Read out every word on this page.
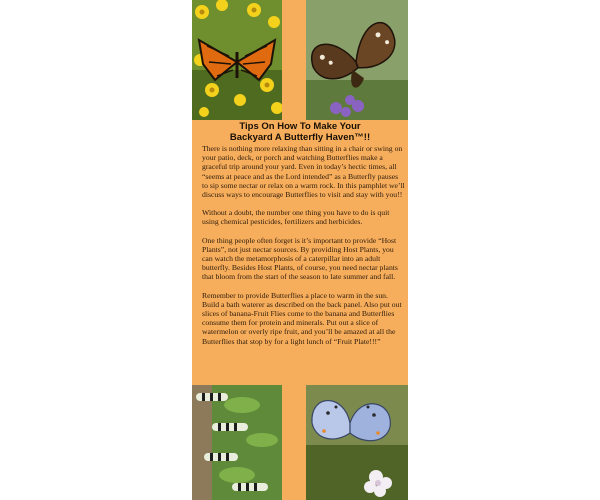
Tips On How To Make Your
Backyard A Butterfly Haven™!!

There is nothing more relaxing than sitting in a chair or swing on your patio, deck, or porch and watching Butterflies make a graceful trip around your yard. Even in today’s hectic times, all “seems at peace and as the Lord intended” as a Butterfly pauses to sip some nectar or relax on a warm rock. In this pamphlet we’ll discuss ways to encourage Butterflies to visit and stay with you!!

Without a doubt, the number one thing you have to do is quit using chemical pesticides, fertilizers and herbicides.

One thing people often forget is it’s important to provide “Host Plants”, not just nectar sources. By providing Host Plants, you can watch the metamorphosis of a caterpillar into an adult butterfly. Besides Host Plants, of course, you need nectar plants that bloom from the start of the season to late summer and fall.

Remember to provide Butterflies a place to warm in the sun. Build a bath waterer as described on the back panel. Also put out slices of banana-Fruit Flies come to the banana and Butterflies consume them for protein and minerals. Put out a slice of watermelon or overly ripe fruit, and you’ll be amazed at all the Butterflies that stop by for a light lunch of “Fruit Plate!!!”
